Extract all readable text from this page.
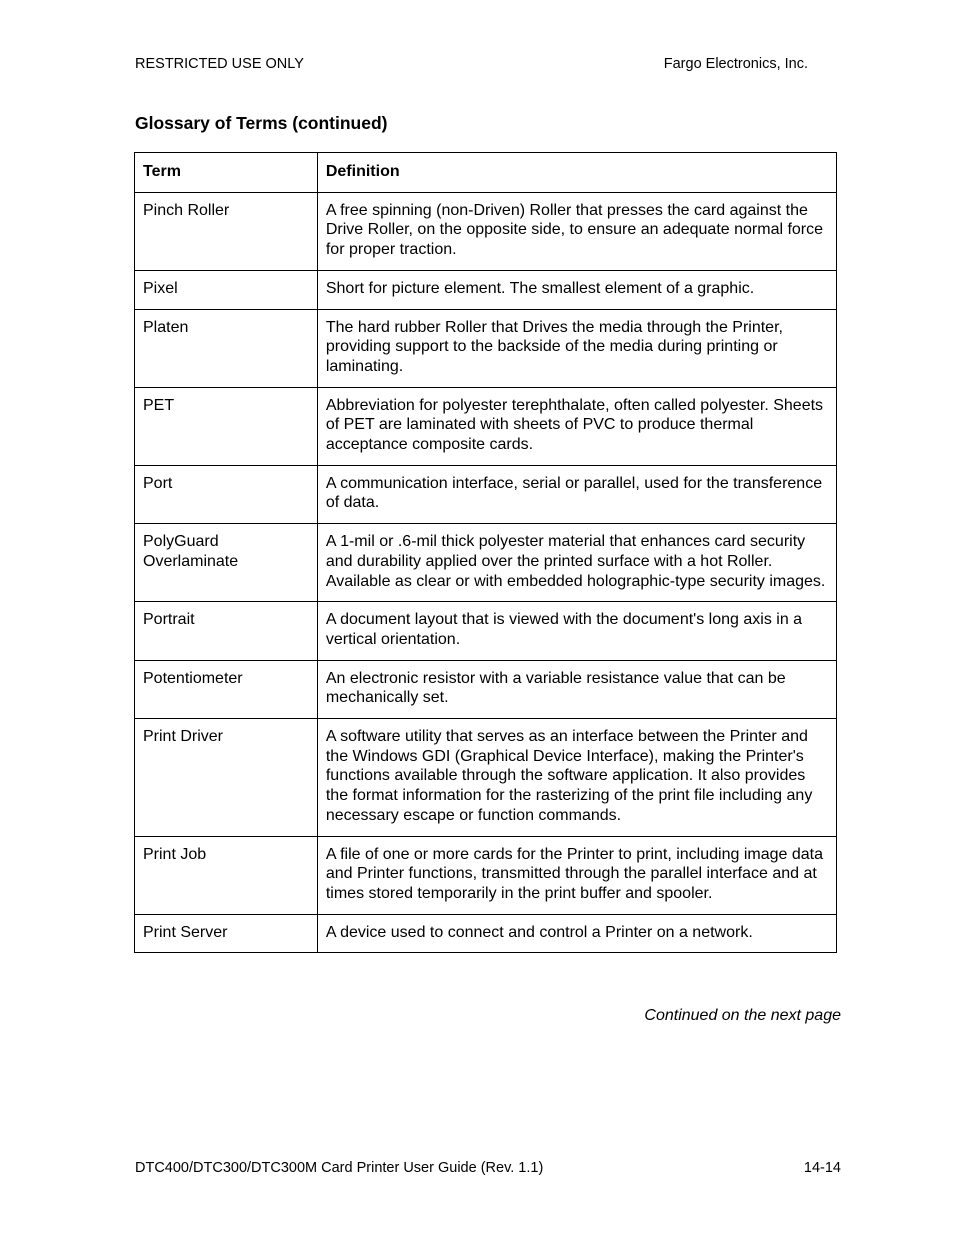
RESTRICTED USE ONLY	Fargo Electronics, Inc.
Glossary of Terms (continued)
Term	Definition
Pinch Roller	A free spinning (non-Driven) Roller that presses the card against the Drive Roller, on the opposite side, to ensure an adequate normal force for proper traction.
Pixel	Short for picture element. The smallest element of a graphic.
Platen	The hard rubber Roller that Drives the media through the Printer, providing support to the backside of the media during printing or laminating.
PET	Abbreviation for polyester terephthalate, often called polyester. Sheets of PET are laminated with sheets of PVC to produce thermal acceptance composite cards.
Port	A communication interface, serial or parallel, used for the transference of data.
PolyGuard Overlaminate	A 1-mil or .6-mil thick polyester material that enhances card security and durability applied over the printed surface with a hot Roller. Available as clear or with embedded holographic-type security images.
Portrait	A document layout that is viewed with the document's long axis in a vertical orientation.
Potentiometer	An electronic resistor with a variable resistance value that can be mechanically set.
Print Driver	A software utility that serves as an interface between the Printer and the Windows GDI (Graphical Device Interface), making the Printer's functions available through the software application. It also provides the format information for the rasterizing of the print file including any necessary escape or function commands.
Print Job	A file of one or more cards for the Printer to print, including image data and Printer functions, transmitted through the parallel interface and at times stored temporarily in the print buffer and spooler.
Print Server	A device used to connect and control a Printer on a network.
Continued on the next page
DTC400/DTC300/DTC300M Card Printer User Guide (Rev. 1.1)	14-14
